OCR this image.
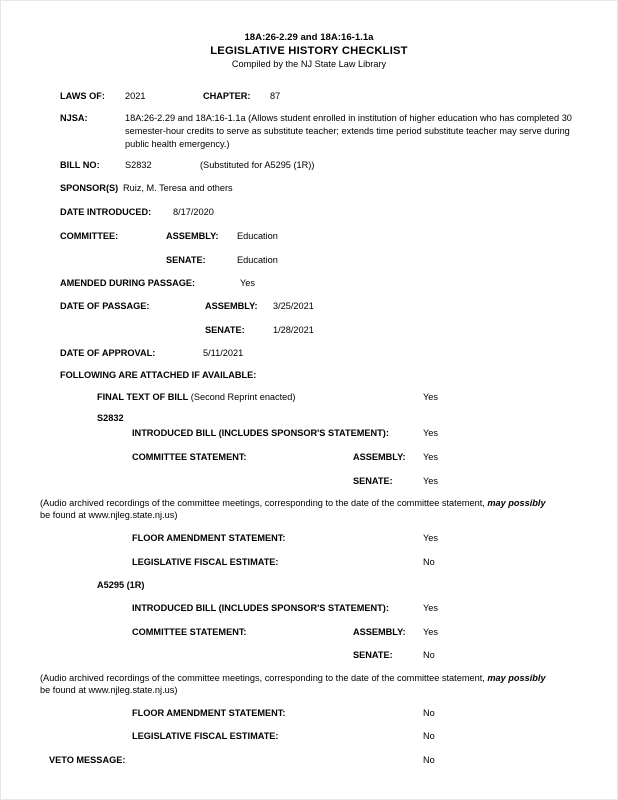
18A:26-2.29 and 18A:16-1.1a
LEGISLATIVE HISTORY CHECKLIST
Compiled by the NJ State Law Library
LAWS OF: 2021	CHAPTER: 87
NJSA:	18A:26-2.29 and 18A:16-1.1a (Allows student enrolled in institution of higher education who has completed 30 semester-hour credits to serve as substitute teacher; extends time period substitute teacher may serve during public health emergency.)
BILL NO:	S2832	(Substituted for A5295 (1R))
SPONSOR(S) Ruiz, M. Teresa and others
DATE INTRODUCED: 8/17/2020
COMMITTEE:	ASSEMBLY: Education
SENATE:	Education
AMENDED DURING PASSAGE:	Yes
DATE OF PASSAGE:	ASSEMBLY: 3/25/2021
SENATE:	1/28/2021
DATE OF APPROVAL:	5/11/2021
FOLLOWING ARE ATTACHED IF AVAILABLE:
FINAL TEXT OF BILL (Second Reprint enacted)	Yes
S2832
INTRODUCED BILL (INCLUDES SPONSOR'S STATEMENT):	Yes
COMMITTEE STATEMENT:	ASSEMBLY: Yes
SENATE:	Yes
(Audio archived recordings of the committee meetings, corresponding to the date of the committee statement, may possibly
be found at www.njleg.state.nj.us)
FLOOR AMENDMENT STATEMENT:	Yes
LEGISLATIVE FISCAL ESTIMATE:	No
A5295 (1R)
INTRODUCED BILL (INCLUDES SPONSOR'S STATEMENT):	Yes
COMMITTEE STATEMENT:	ASSEMBLY: Yes
SENATE:	No
(Audio archived recordings of the committee meetings, corresponding to the date of the committee statement, may possibly
be found at www.njleg.state.nj.us)
FLOOR AMENDMENT STATEMENT:	No
LEGISLATIVE FISCAL ESTIMATE:	No
VETO MESSAGE:	No
